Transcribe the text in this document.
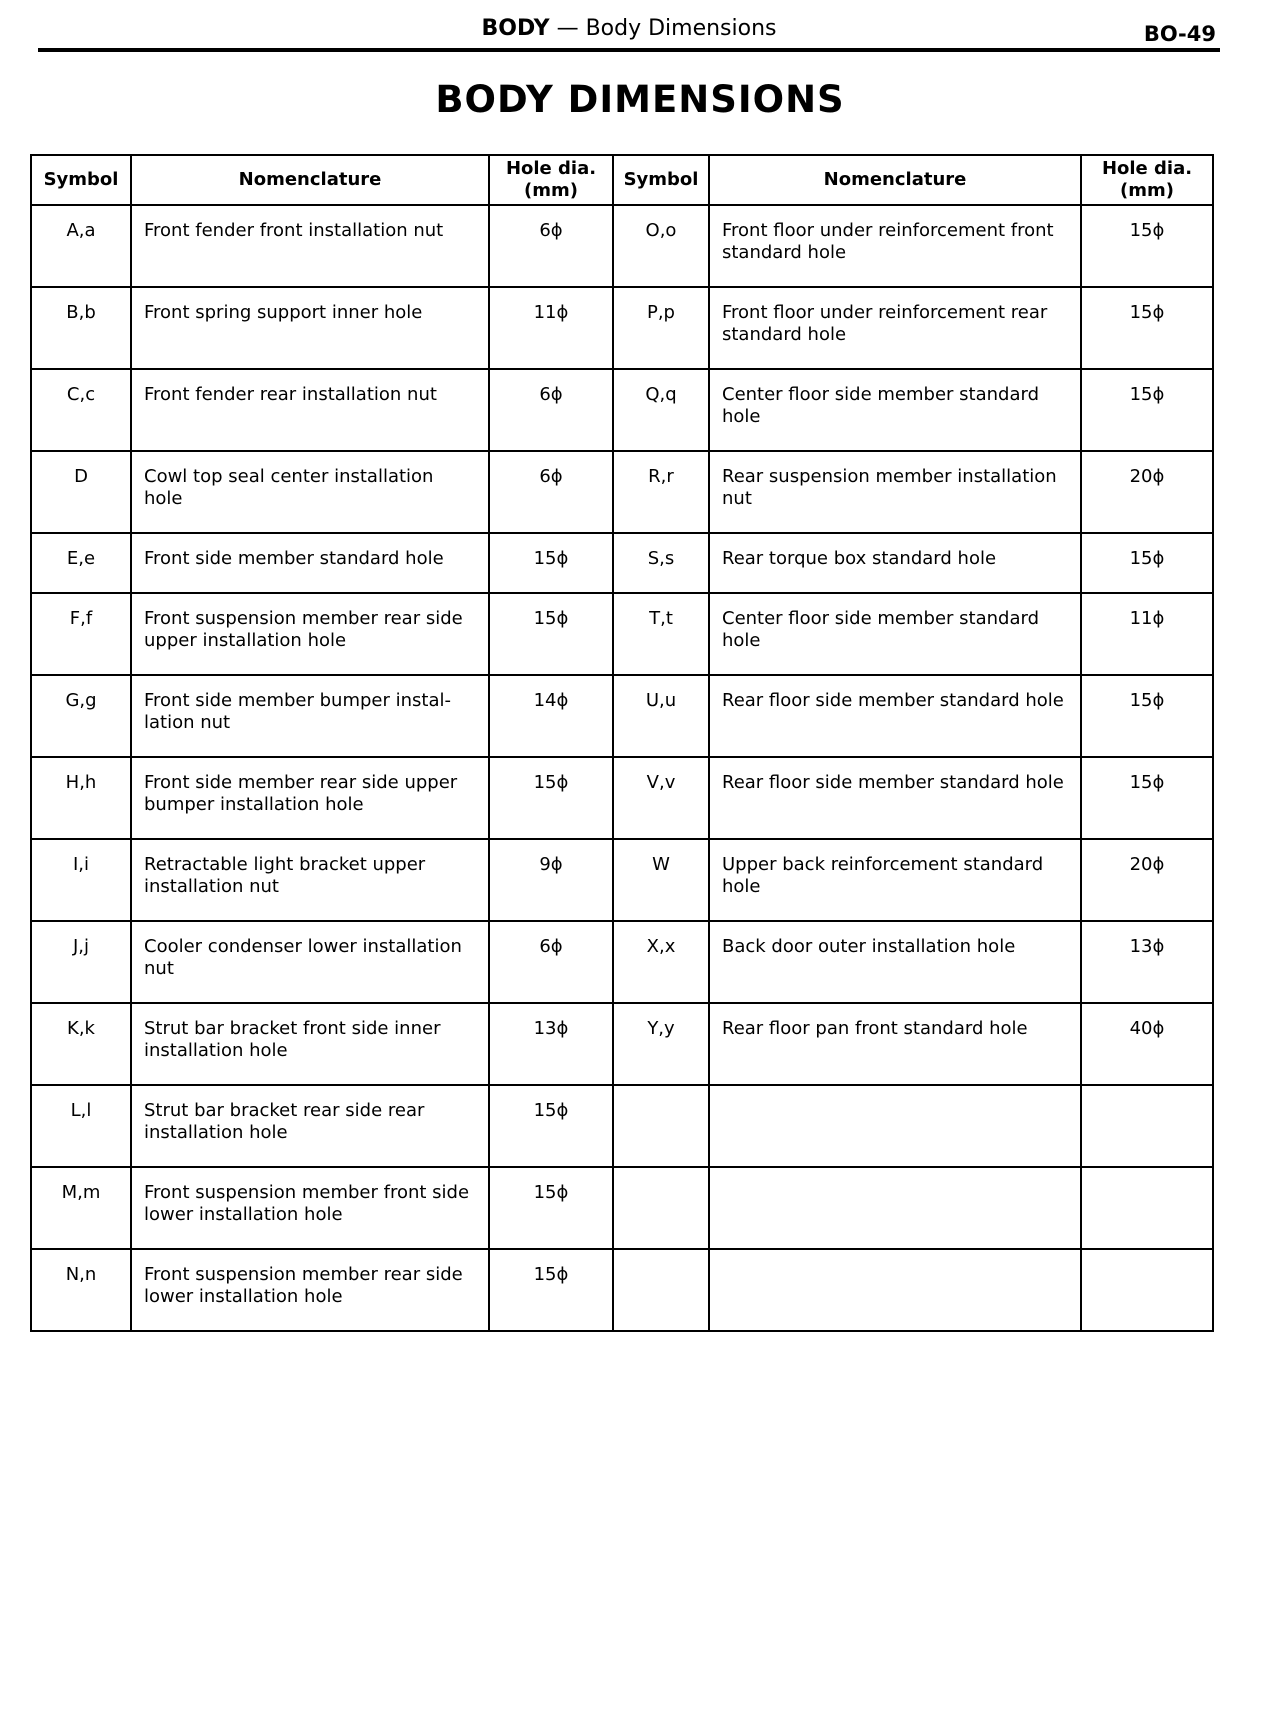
BODY — Body Dimensions	BO-49
BODY DIMENSIONS
Symbol	Nomenclature	Hole dia. (mm)	Symbol	Nomenclature	Hole dia. (mm)
A,a	Front fender front installation nut	6ϕ	O,o	Front floor under reinforcement front standard hole	15ϕ
B,b	Front spring support inner hole	11ϕ	P,p	Front floor under reinforcement rear standard hole	15ϕ
C,c	Front fender rear installation nut	6ϕ	Q,q	Center floor side member standard hole	15ϕ
D	Cowl top seal center installation hole	6ϕ	R,r	Rear suspension member installation nut	20ϕ
E,e	Front side member standard hole	15ϕ	S,s	Rear torque box standard hole	15ϕ
F,f	Front suspension member rear side upper installation hole	15ϕ	T,t	Center floor side member standard hole	11ϕ
G,g	Front side member bumper instal-lation nut	14ϕ	U,u	Rear floor side member standard hole	15ϕ
H,h	Front side member rear side upper bumper installation hole	15ϕ	V,v	Rear floor side member standard hole	15ϕ
I,i	Retractable light bracket upper installation nut	9ϕ	W	Upper back reinforcement standard hole	20ϕ
J,j	Cooler condenser lower installation nut	6ϕ	X,x	Back door outer installation hole	13ϕ
K,k	Strut bar bracket front side inner installation hole	13ϕ	Y,y	Rear floor pan front standard hole	40ϕ
L,l	Strut bar bracket rear side rear installation hole	15ϕ			
M,m	Front suspension member front side lower installation hole	15ϕ			
N,n	Front suspension member rear side lower installation hole	15ϕ			
